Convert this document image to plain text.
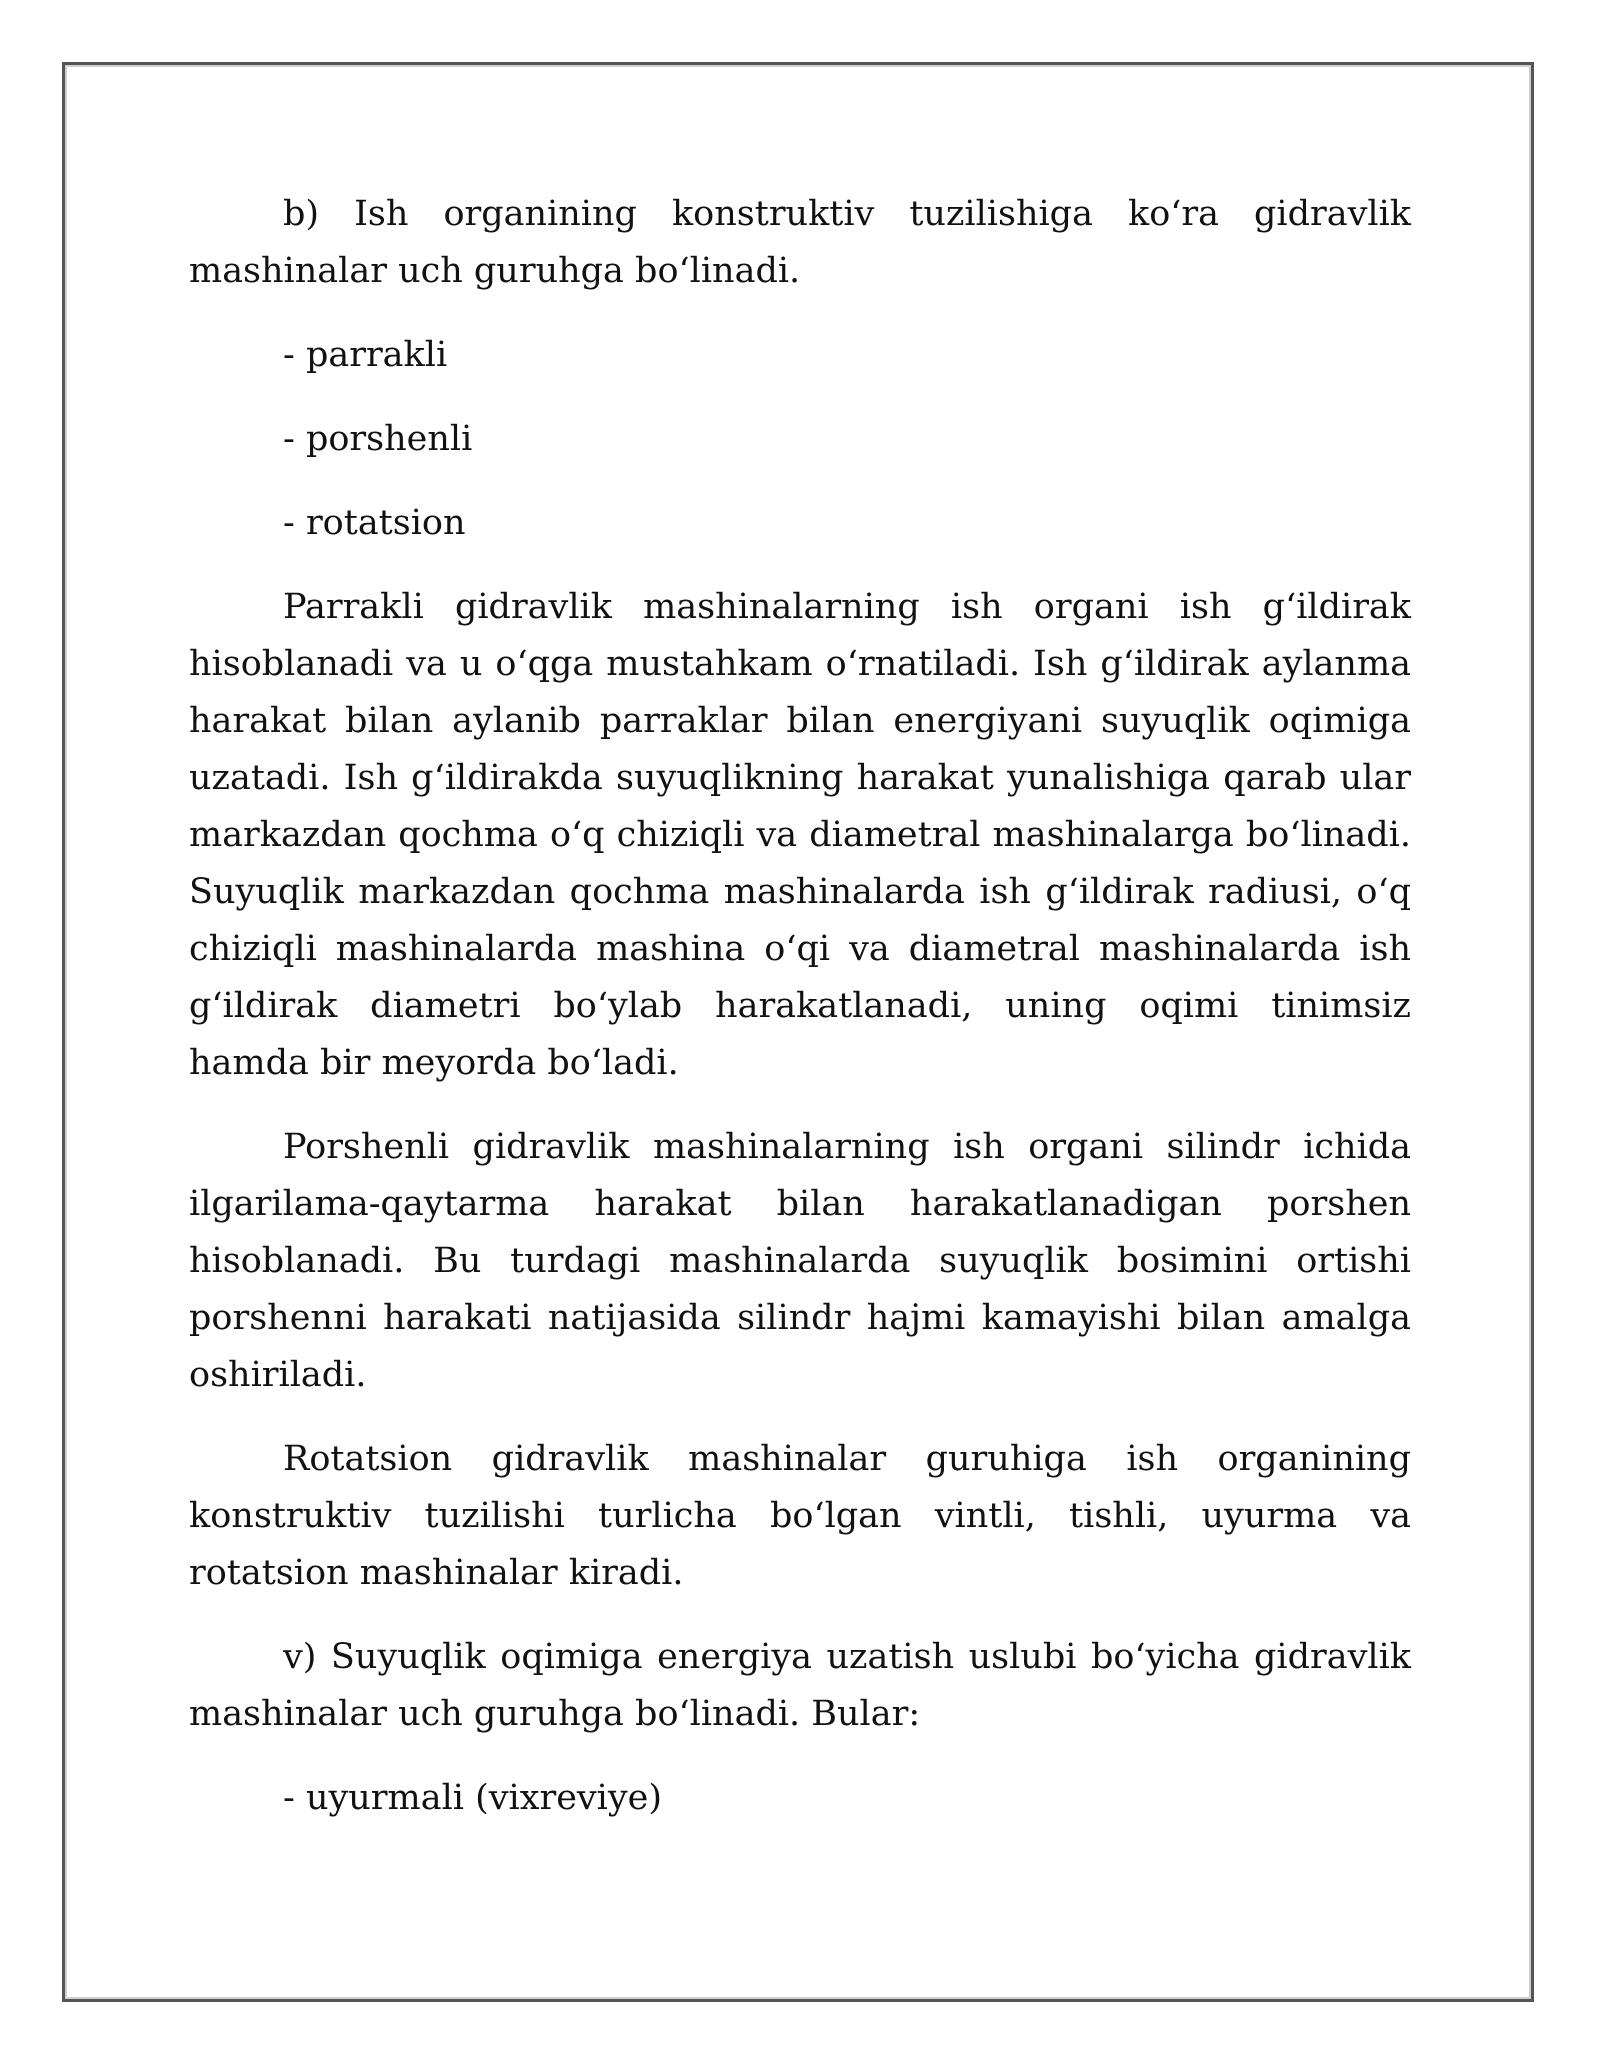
b) Ish organining konstruktiv tuzilishiga ko‘ra gidravlik mashinalar uch guruhga bo‘linadi.

- parrakli

- porshenli

- rotatsion

Parrakli gidravlik mashinalarning ish organi ish g‘ildirak hisoblanadi va u o‘qga mustahkam o‘rnatiladi. Ish g‘ildirak aylanma harakat bilan aylanib parraklar bilan energiyani suyuqlik oqimiga uzatadi. Ish g‘ildirakda suyuqlikning harakat yunalishiga qarab ular markazdan qochma o‘q chiziqli va diametral mashinalarga bo‘linadi. Suyuqlik markazdan qochma mashinalarda ish g‘ildirak radiusi, o‘q chiziqli mashinalarda mashina o‘qi va diametral mashinalarda ish g‘ildirak diametri bo‘ylab harakatlanadi, uning oqimi tinimsiz hamda bir meyorda bo‘ladi.

Porshenli gidravlik mashinalarning ish organi silindr ichida ilgarilama-qaytarma harakat bilan harakatlanadigan porshen hisoblanadi. Bu turdagi mashinalarda suyuqlik bosimini ortishi porshenni harakati natijasida silindr hajmi kamayishi bilan amalga oshiriladi.

Rotatsion gidravlik mashinalar guruhiga ish organining konstruktiv tuzilishi turlicha bo‘lgan vintli, tishli, uyurma va rotatsion mashinalar kiradi.

v) Suyuqlik oqimiga energiya uzatish uslubi bo‘yicha gidravlik mashinalar uch guruhga bo‘linadi. Bular:

- uyurmali (vixreviye)
